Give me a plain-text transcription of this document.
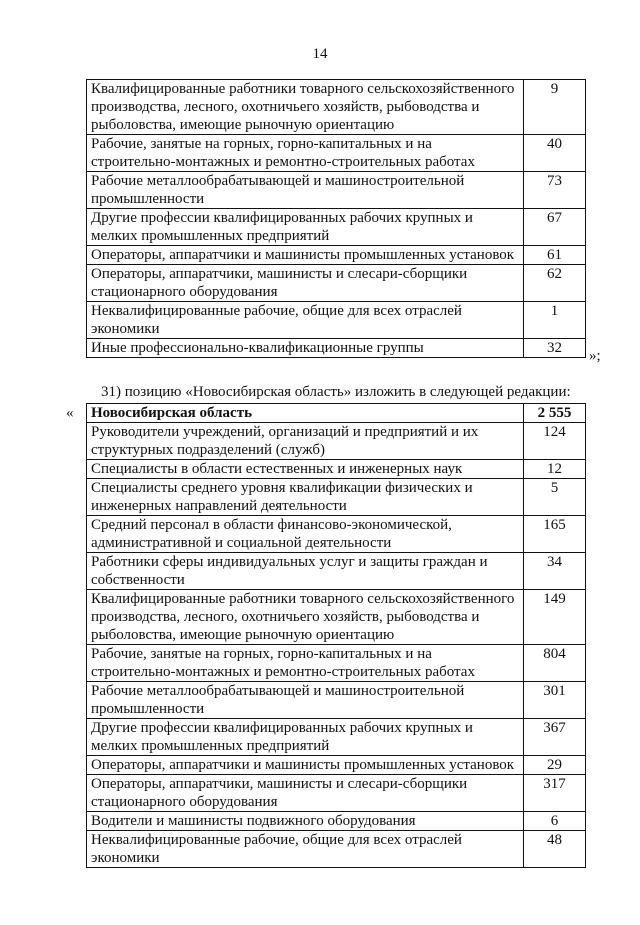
14
Квалифицированные работники товарного сельскохозяйственного производства, лесного, охотничьего хозяйств, рыбоводства и рыболовства, имеющие рыночную ориентацию	9
Рабочие, занятые на горных, горно-капитальных и на строительно-монтажных и ремонтно-строительных работах	40
Рабочие металлообрабатывающей и машиностроительной промышленности	73
Другие профессии квалифицированных рабочих крупных и мелких промышленных предприятий	67
Операторы, аппаратчики и машинисты промышленных установок	61
Операторы, аппаратчики, машинисты и слесари-сборщики стационарного оборудования	62
Неквалифицированные рабочие, общие для всех отраслей экономики	1
Иные профессионально-квалификационные группы	32 »;
31) позицию «Новосибирская область» изложить в следующей редакции:
« Новосибирская область	2 555
Руководители учреждений, организаций и предприятий и их структурных подразделений (служб)	124
Специалисты в области естественных и инженерных наук	12
Специалисты среднего уровня квалификации физических и инженерных направлений деятельности	5
Средний персонал в области финансово-экономической, административной и социальной деятельности	165
Работники сферы индивидуальных услуг и защиты граждан и собственности	34
Квалифицированные работники товарного сельскохозяйственного производства, лесного, охотничьего хозяйств, рыбоводства и рыболовства, имеющие рыночную ориентацию	149
Рабочие, занятые на горных, горно-капитальных и на строительно-монтажных и ремонтно-строительных работах	804
Рабочие металлообрабатывающей и машиностроительной промышленности	301
Другие профессии квалифицированных рабочих крупных и мелких промышленных предприятий	367
Операторы, аппаратчики и машинисты промышленных установок	29
Операторы, аппаратчики, машинисты и слесари-сборщики стационарного оборудования	317
Водители и машинисты подвижного оборудования	6
Неквалифицированные рабочие, общие для всех отраслей экономики	48
